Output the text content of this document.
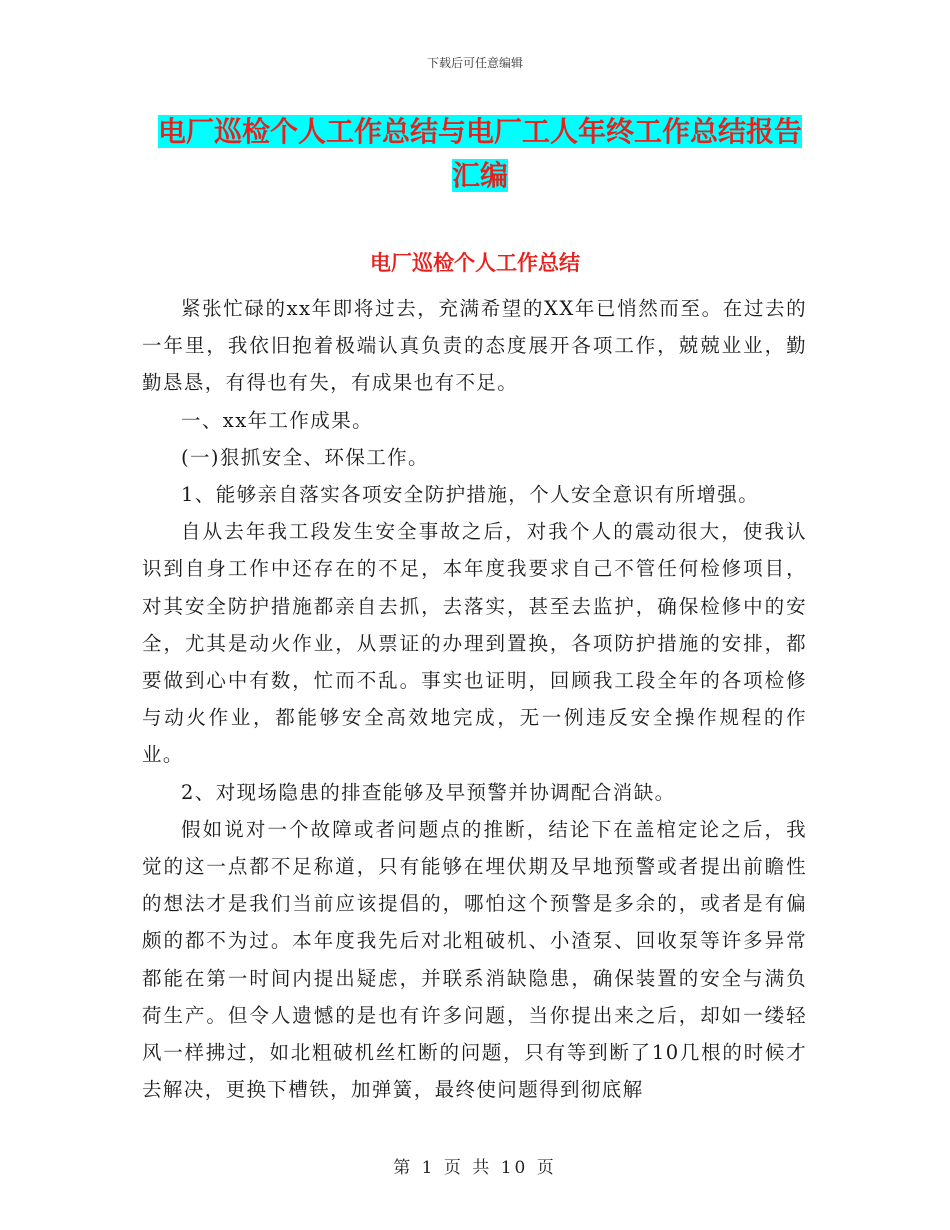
下载后可任意编辑
电厂巡检个人工作总结与电厂工人年终工作总结报告
汇编
电厂巡检个人工作总结

紧张忙碌的xx年即将过去，充满希望的XX年已悄然而至。在过去的一年里，我依旧抱着极端认真负责的态度展开各项工作，兢兢业业，勤勤恳恳，有得也有失，有成果也有不足。

一、xx年工作成果。

(一)狠抓安全、环保工作。

1、能够亲自落实各项安全防护措施，个人安全意识有所增强。

自从去年我工段发生安全事故之后，对我个人的震动很大，使我认识到自身工作中还存在的不足，本年度我要求自己不管任何检修项目，对其安全防护措施都亲自去抓，去落实，甚至去监护，确保检修中的安全，尤其是动火作业，从票证的办理到置换，各项防护措施的安排，都要做到心中有数，忙而不乱。事实也证明，回顾我工段全年的各项检修与动火作业，都能够安全高效地完成，无一例违反安全操作规程的作业。

2、对现场隐患的排查能够及早预警并协调配合消缺。

假如说对一个故障或者问题点的推断，结论下在盖棺定论之后，我觉的这一点都不足称道，只有能够在埋伏期及早地预警或者提出前瞻性的想法才是我们当前应该提倡的，哪怕这个预警是多余的，或者是有偏颇的都不为过。本年度我先后对北粗破机、小渣泵、回收泵等许多异常都能在第一时间内提出疑虑，并联系消缺隐患，确保装置的安全与满负荷生产。但令人遗憾的是也有许多问题，当你提出来之后，却如一缕轻风一样拂过，如北粗破机丝杠断的问题，只有等到断了10几根的时候才去解决，更换下槽铁，加弹簧，最终使问题得到彻底解

第 1 页 共 10 页
